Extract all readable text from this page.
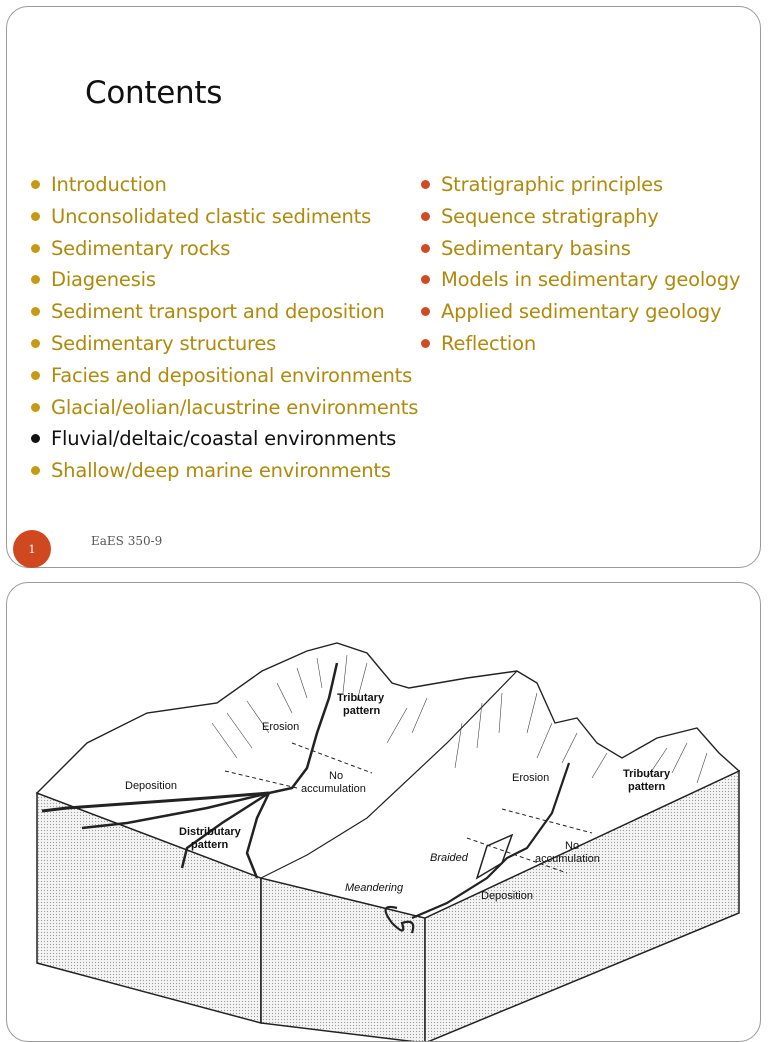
Contents
Introduction
Unconsolidated clastic sediments
Sedimentary rocks
Diagenesis
Sediment transport and deposition
Sedimentary structures
Facies and depositional environments
Glacial/eolian/lacustrine environments
Fluvial/deltaic/coastal environments
Shallow/deep marine environments
Stratigraphic principles
Sequence stratigraphy
Sedimentary basins
Models in sedimentary geology
Applied sedimentary geology
Reflection
1
EaES 350-9
Tributary
pattern
Erosion
Deposition
No
accumulation
Distributary
pattern
Erosion	Tributary
pattern
Braided
No
accumulation
Meandering
Deposition
